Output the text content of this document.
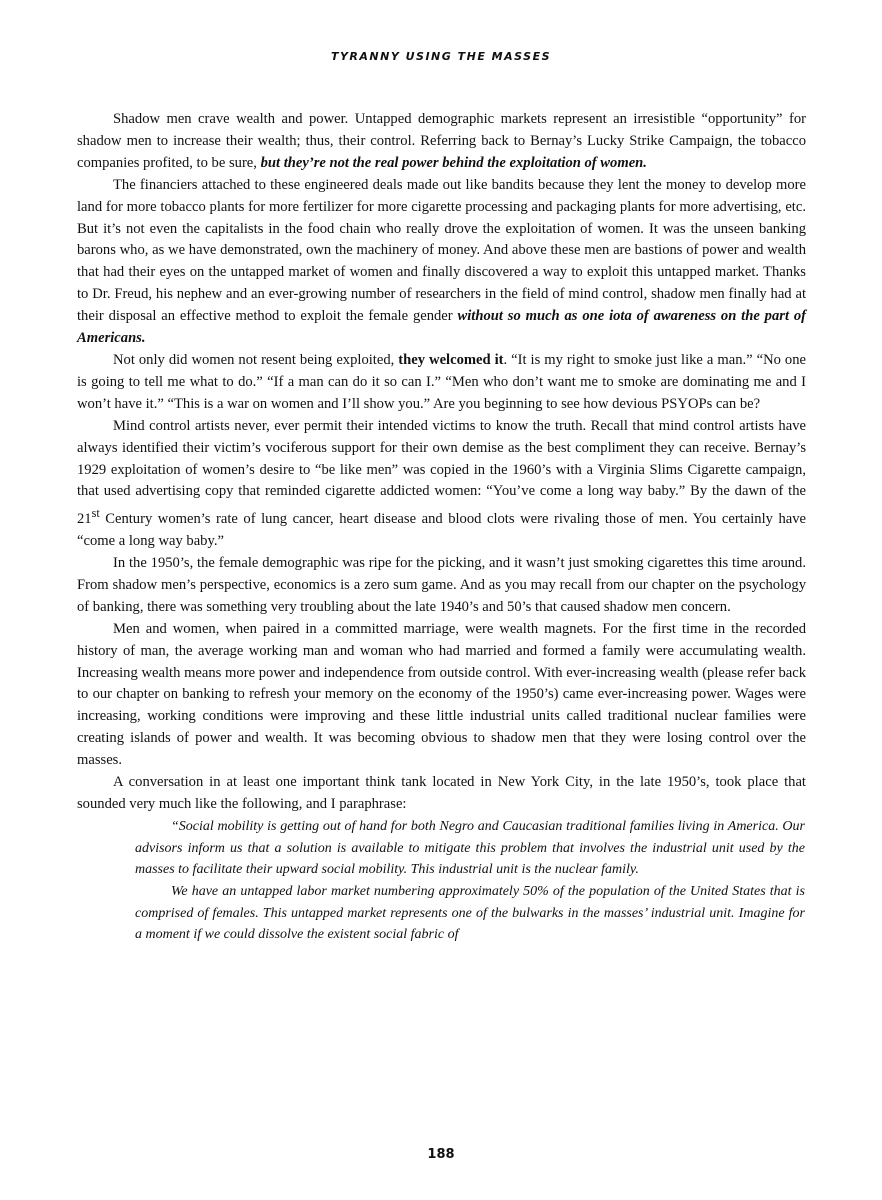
TYRANNY USING THE MASSES

Shadow men crave wealth and power. Untapped demographic markets represent an irresistible “opportunity” for shadow men to increase their wealth; thus, their control. Referring back to Bernay’s Lucky Strike Campaign, the tobacco companies profited, to be sure, but they’re not the real power behind the exploitation of women.

The financiers attached to these engineered deals made out like bandits because they lent the money to develop more land for more tobacco plants for more fertilizer for more cigarette processing and packaging plants for more advertising, etc. But it’s not even the capitalists in the food chain who really drove the exploitation of women. It was the unseen banking barons who, as we have demonstrated, own the machinery of money. And above these men are bastions of power and wealth that had their eyes on the untapped market of women and finally discovered a way to exploit this untapped market. Thanks to Dr. Freud, his nephew and an ever-growing number of researchers in the field of mind control, shadow men finally had at their disposal an effective method to exploit the female gender without so much as one iota of awareness on the part of Americans.

Not only did women not resent being exploited, they welcomed it. “It is my right to smoke just like a man.” “No one is going to tell me what to do.” “If a man can do it so can I.” “Men who don’t want me to smoke are dominating me and I won’t have it.” “This is a war on women and I’ll show you.” Are you beginning to see how devious PSYOPs can be?

Mind control artists never, ever permit their intended victims to know the truth. Recall that mind control artists have always identified their victim’s vociferous support for their own demise as the best compliment they can receive. Bernay’s 1929 exploitation of women’s desire to “be like men” was copied in the 1960’s with a Virginia Slims Cigarette campaign, that used advertising copy that reminded cigarette addicted women: “You’ve come a long way baby.” By the dawn of the 21st Century women’s rate of lung cancer, heart disease and blood clots were rivaling those of men. You certainly have “come a long way baby.”

In the 1950’s, the female demographic was ripe for the picking, and it wasn’t just smoking cigarettes this time around. From shadow men’s perspective, economics is a zero sum game. And as you may recall from our chapter on the psychology of banking, there was something very troubling about the late 1940’s and 50’s that caused shadow men concern.

Men and women, when paired in a committed marriage, were wealth magnets. For the first time in the recorded history of man, the average working man and woman who had married and formed a family were accumulating wealth. Increasing wealth means more power and independence from outside control. With ever-increasing wealth (please refer back to our chapter on banking to refresh your memory on the economy of the 1950’s) came ever-increasing power. Wages were increasing, working conditions were improving and these little industrial units called traditional nuclear families were creating islands of power and wealth. It was becoming obvious to shadow men that they were losing control over the masses.

A conversation in at least one important think tank located in New York City, in the late 1950’s, took place that sounded very much like the following, and I paraphrase:

“Social mobility is getting out of hand for both Negro and Caucasian traditional families living in America. Our advisors inform us that a solution is available to mitigate this problem that involves the industrial unit used by the masses to facilitate their upward social mobility. This industrial unit is the nuclear family.

We have an untapped labor market numbering approximately 50% of the population of the United States that is comprised of females. This untapped market represents one of the bulwarks in the masses’ industrial unit. Imagine for a moment if we could dissolve the existent social fabric of

188
